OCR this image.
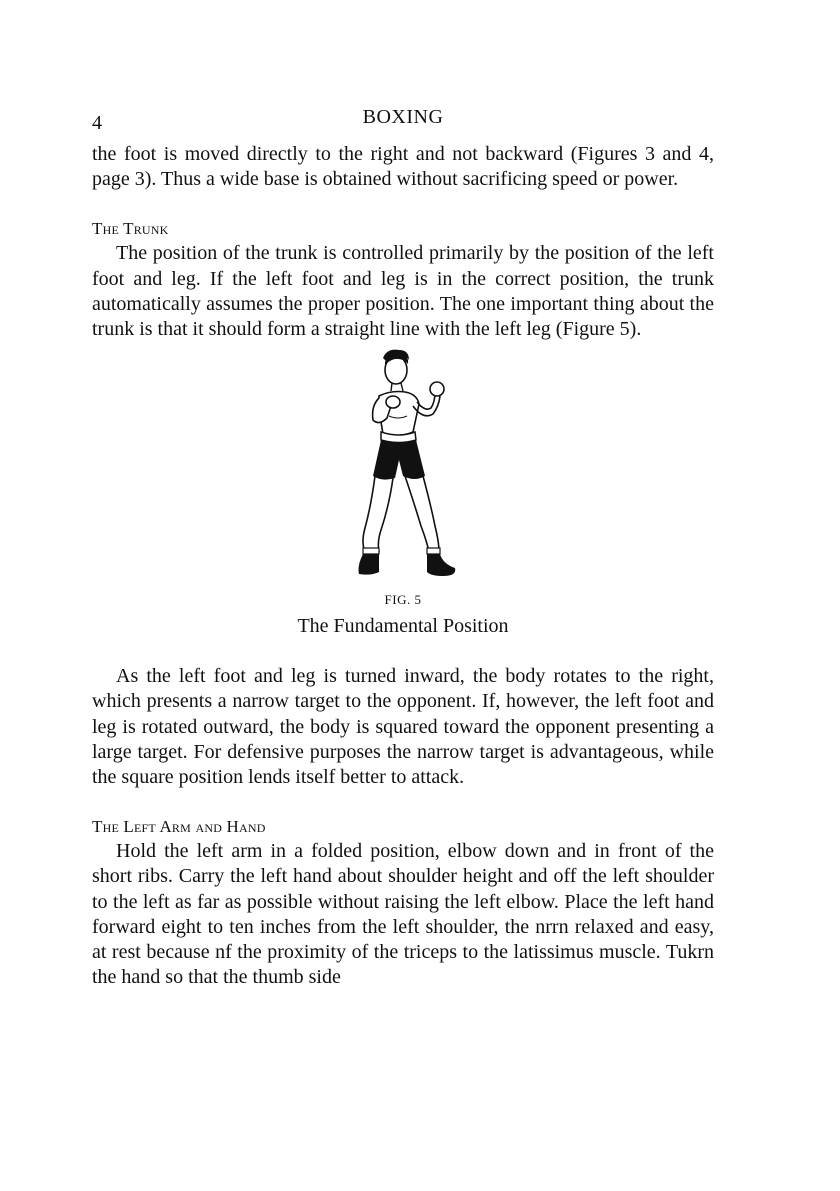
4	BOXING

the foot is moved directly to the right and not backward (Figures 3 and 4, page 3). Thus a wide base is obtained without sacrificing speed or power.

The Trunk

The position of the trunk is controlled primarily by the position of the left foot and leg. If the left foot and leg is in the correct position, the trunk automatically assumes the proper position. The one important thing about the trunk is that it should form a straight line with the left leg (Figure 5).

FIG. 5
The Fundamental Position

As the left foot and leg is turned inward, the body rotates to the right, which presents a narrow target to the opponent. If, however, the left foot and leg is rotated outward, the body is squared toward the opponent presenting a large target. For defensive purposes the narrow target is advantageous, while the square position lends itself better to attack.

The Left Arm and Hand

Hold the left arm in a folded position, elbow down and in front of the short ribs. Carry the left hand about shoulder height and off the left shoulder to the left as far as possible without raising the left elbow. Place the left hand forward eight to ten inches from the left shoulder, the nrrn relaxed and easy, at rest because nf the proximity of the triceps to the latissimus muscle. Tukrn the hand so that the thumb side
